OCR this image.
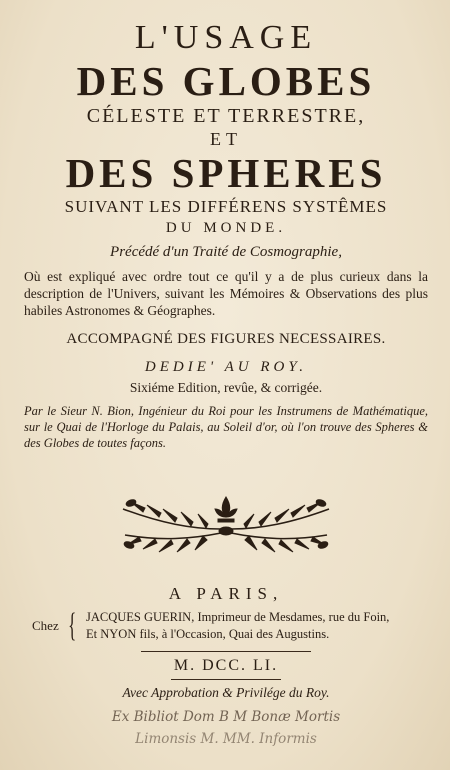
L'USAGE
DES GLOBES
CÉLESTE ET TERRESTRE,
ET
DES SPHERES
SUIVANT LES DIFFÉRENS SYSTÊMES
DU MONDE.
Précédé d'un Traité de Cosmographie,
Où est expliqué avec ordre tout ce qu'il y a de plus curieux dans la description de l'Univers, suivant les Mémoires & Observations des plus habiles Astronomes & Géographes.
ACCOMPAGNÉ DES FIGURES NECESSAIRES.
DEDIE' AU ROY.
Sixiéme Edition, revûe, & corrigée.
Par le Sieur N. Bion, Ingénieur du Roi pour les Instrumens de Mathématique, sur le Quai de l'Horloge du Palais, au Soleil d'or, où l'on trouve des Spheres & des Globes de toutes façons.
A PARIS,
Chez { JACQUES GUERIN, Imprimeur de Mesdames, rue du Foin,
Et NYON fils, à l'Occasion, Quai des Augustins.
M. DCC. LI.
Avec Approbation & Privilége du Roy.
Ex Bibliot Dom B M Bonæ Mortis
Limonsis M. MM. Informis
